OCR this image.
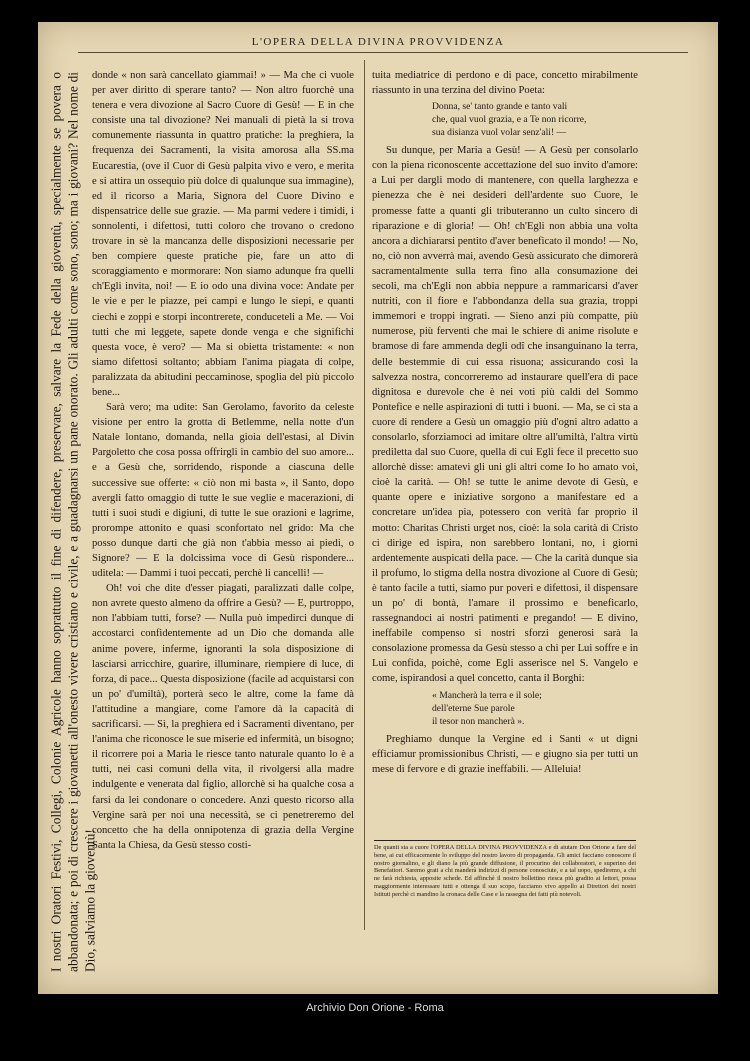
L'OPERA DELLA DIVINA PROVVIDENZA
I nostri Oratori Festivi, Collegi, Colonie Agricole hanno soprattutto il fine di difendere, preservare, salvare la Fede della gioventù, specialmente se povera o abbandonata; e poi di crescere i giovanetti all'onesto vivere cristiano e civile, e a guadagnarsi un pane onorato. Gli adulti come sono, sono; ma i giovani? Nel nome di Dio, salviamo la gioventù!

donde « non sarà cancellato giammai! » — Ma che ci vuole per aver diritto di sperare tanto? — Non altro fuorchè una tenera e vera divozione al Sacro Cuore di Gesù! — E in che consiste una tal divozione? Nei manuali di pietà la si trova comunemente riassunta in quattro pratiche: la preghiera, la frequenza dei Sacramenti, la visita amorosa alla SS.ma Eucarestia, (ove il Cuor di Gesù palpita vivo e vero, e merita e si attira un ossequio più dolce di qualunque sua immagine), ed il ricorso a Maria, Signora del Cuore Divino e dispensatrice delle sue grazie. — Ma parmi vedere i timidi, i sonnolenti, i difettosi, tutti coloro che trovano o credono trovare in sè la mancanza delle disposizioni necessarie per ben compiere queste pratiche pie, fare un atto di scoraggiamento e mormorare: Non siamo adunque fra quelli ch'Egli invita, noi! — E io odo una divina voce: Andate per le vie e per le piazze, pei campi e lungo le siepi, e quanti ciechi e zoppi e storpi incontrerete, conduceteli a Me. — Voi tutti che mi leggete, sapete donde venga e che significhi questa voce, è vero? — Ma si obietta tristamente: « non siamo difettosi soltanto; abbiam l'anima piagata di colpe, paralizzata da abitudini peccaminose, spoglia del più piccolo bene...

Sarà vero; ma udite: San Gerolamo, favorito da celeste visione per entro la grotta di Betlemme, nella notte d'un Natale lontano, domanda, nella gioia dell'estasi, al Divin Pargoletto che cosa possa offrirgli in cambio del suo amore... e a Gesù che, sorridendo, risponde a ciascuna delle successive sue offerte: « ciò non mi basta », il Santo, dopo avergli fatto omaggio di tutte le sue veglie e macerazioni, di tutti i suoi studi e digiuni, di tutte le sue orazioni e lagrime, prorompe attonito e quasi sconfortato nel grido: Ma che posso dunque darti che già non t'abbia messo ai piedi, o Signore? — E la dolcissima voce di Gesù rispondere... uditela: — Dammi i tuoi peccati, perchè li cancelli! —

Oh! voi che dite d'esser piagati, paralizzati dalle colpe, non avrete questo almeno da offrire a Gesù? — E, purtroppo, non l'abbiam tutti, forse? — Nulla può impedirci dunque di accostarci confidentemente ad un Dio che domanda alle anime povere, inferme, ignoranti la sola disposizione di lasciarsi arricchire, guarire, illuminare, riempiere di luce, di forza, di pace... Questa disposizione (facile ad acquistarsi con un po' d'umiltà), porterà seco le altre, come la fame dà l'attitudine a mangiare, come l'amore dà la capacità di sacrificarsi. — Sì, la preghiera ed i Sacramenti diventano, per l'anima che riconosce le sue miserie ed infermità, un bisogno; il ricorrere poi a Maria le riesce tanto naturale quanto lo è a tutti, nei casi comuni della vita, il rivolgersi alla madre indulgente e veneratа dal figlio, allorchè si ha qualche cosa a farsi da lei condonare o concedere. Anzi questo ricorso alla Vergine sarà per noi una necessità, se ci penetreremo del concetto che ha della onnipotenza di grazia della Vergine Santa la Chiesa, da Gesù stesso costi-

tuita mediatrice di perdono e di pace, concetto mirabilmente riassunto in una terzina del divino Poeta:

Donna, se' tanto grande e tanto vali
che, qual vuol grazia, e a Te non ricorre,
sua disianza vuol volar senz'ali! —

Su dunque, per Maria a Gesù! — A Gesù per consolarlo con la piena riconoscente accettazione del suo invito d'amore: a Lui per dargli modo di mantenere, con quella larghezza e pienezza che è nei desideri dell'ardente suo Cuore, le promesse fatte a quanti gli tributeranno un culto sincero di riparazione e di gloria! — Oh! ch'Egli non abbia una volta ancora a dichiararsi pentito d'aver beneficato il mondo! — No, no, ciò non avverrà mai, avendo Gesù assicurato che dimorerà sacramentalmente sulla terra fino alla consumazione dei secoli, ma ch'Egli non abbia neppure a rammaricarsi d'aver nutriti, con il fiore e l'abbondanza della sua grazia, troppi immemori e troppi ingrati. — Sieno anzi più compatte, più numerose, più ferventi che mai le schiere di anime risolute e bramose di fare ammenda degli odî che insanguinano la terra, delle bestemmie di cui essa risuona; assicurando così la salvezza nostra, concorreremo ad instaurare quell'era di pace dignitosa e durevole che è nei voti più caldi del Sommo Pontefice e nelle aspirazioni di tutti i buoni. — Ma, se ci sta a cuore di rendere a Gesù un omaggio più d'ogni altro adatto a consolarlo, sforziamoci ad imitare oltre all'umiltà, l'altra virtù prediletta dal suo Cuore, quella di cui Egli fece il precetto suo allorchè disse: amatevi gli uni gli altri come Io ho amato voi, cioè la carità. — Oh! se tutte le anime devote di Gesù, e quante opere e iniziative sorgono a manifestare ed a concretare un'idea pia, potessero con verità far proprio il motto: Charitas Christi urget nos, cioè: la sola carità di Cristo ci dirige ed ispira, non sarebbero lontani, no, i giorni ardentemente auspicati della pace. — Che la carità dunque sia il profumo, lo stigma della nostra divozione al Cuore di Gesù; è tanto facile a tutti, siamo pur poveri e difettosi, il dispensare un po' di bontà, l'amare il prossimo e beneficarlo, rassegnandoci ai nostri patimenti e pregando! — E divino, ineffabile compenso si nostri sforzi generosi sarà la consolazione promessa da Gesù stesso a chi per Lui soffre e in Lui confida, poichè, come Egli asserisce nel S. Vangelo e come, ispirandosi a quel concetto, canta il Borghi:

« Mancherà la terra e il sole;
dell'eterne Sue parole
il tesor non mancherà ».

Preghiamo dunque la Vergine ed i Santi « ut digni efficiamur promissionibus Christi, — e giugno sia per tutti un mese di fervore e di grazie ineffabili. — Alleluia!

De quanti sta a cuore l'OPERA DELLA DIVINA PROVVIDENZA e di aiutare Don Orione a fare del bene, ai cui efficacemente lo sviluppo del nostro lavoro di propaganda. Gli amici facciano conoscere il nostro giornalino, e gli diano la più grande diffusione, il procurino dei collaboratori, e superino dei Benefattori. Saremo grati a chi manderà indirizzi di persone conosciute, e a tal uopo, spediremo, a chi ne farà richiesta, apposite schede. Ed affinchè il nostro bollettino riesca più gradito ai lettori, possa maggiormente interessare tutti e ottenga il suo scopo, facciamo vivo appello ai Direttori dei nostri Istituti perchè ci mandino la cronaca delle Case e la rassegna dei fatti più notevoli.
Archivio Don Orione - Roma
